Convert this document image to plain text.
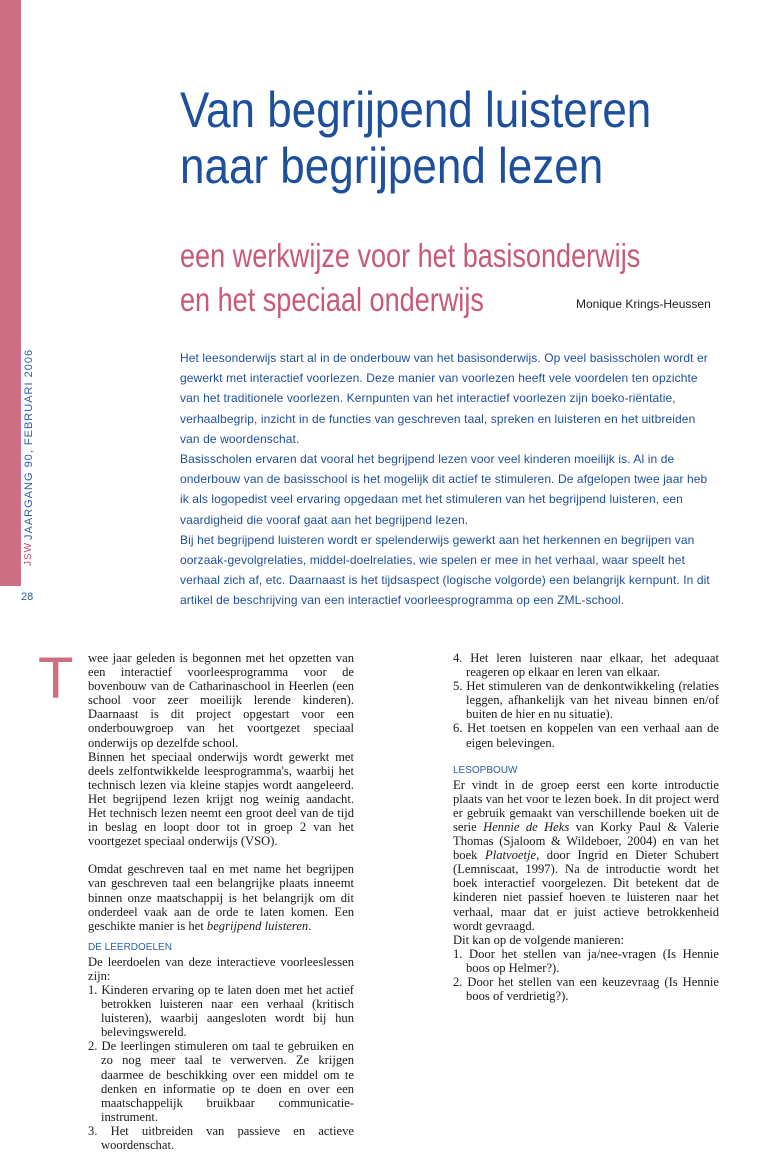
JSW
JAARGANG 90, FEBRUARI 2006
28
Van begrijpend luisteren
naar begrijpend lezen
een werkwijze voor het basisonderwijs
en het speciaal onderwijs	Monique Krings-Heussen

Het leesonderwijs start al in de onderbouw van het basisonderwijs. Op veel basisscholen wordt er gewerkt met interactief voorlezen. Deze manier van voorlezen heeft vele voordelen ten opzichte van het traditionele voorlezen. Kernpunten van het interactief voorlezen zijn boeko-riëntatie, verhaalbegrip, inzicht in de functies van geschreven taal, spreken en luisteren en het uitbreiden van de woordenschat.

Basisscholen ervaren dat vooral het begrijpend lezen voor veel kinderen moeilijk is. Al in de onderbouw van de basisschool is het mogelijk dit actief te stimuleren. De afgelopen twee jaar heb ik als logopedist veel ervaring opgedaan met het stimuleren van het begrijpend luisteren, een vaardigheid die vooraf gaat aan het begrijpend lezen.

Bij het begrijpend luisteren wordt er spelenderwijs gewerkt aan het herkennen en begrijpen van oorzaak-gevolgrelaties, middel-doelrelaties, wie spelen er mee in het verhaal, waar speelt het verhaal zich af, etc. Daarnaast is het tijdsaspect (logische volgorde) een belangrijk kernpunt. In dit artikel de beschrijving van een interactief voorleesprogramma op een ZML-school.

T wee jaar geleden is begonnen met het opzetten van een interactief voorleesprogramma voor de bovenbouw van de Catharinaschool in Heerlen (een school voor zeer moeilijk lerende kinderen). Daarnaast is dit project opgestart voor een onderbouwgroep van het voortgezet speciaal onderwijs op dezelfde school.

Binnen het speciaal onderwijs wordt gewerkt met deels zelfontwikkelde leesprogramma's, waarbij het technisch lezen via kleine stapjes wordt aangeleerd. Het begrijpend lezen krijgt nog weinig aandacht. Het technisch lezen neemt een groot deel van de tijd in beslag en loopt door tot in groep 2 van het voortgezet speciaal onderwijs (VSO).

Omdat geschreven taal en met name het begrijpen van geschreven taal een belangrijke plaats inneemt binnen onze maatschappij is het belangrijk om dit onderdeel vaak aan de orde te laten komen. Een geschikte manier is het begrijpend luisteren.

DE LEERDOELEN

De leerdoelen van deze interactieve voorleeslessen zijn:

1. Kinderen ervaring op te laten doen met het actief betrokken luisteren naar een verhaal (kritisch luisteren), waarbij aangesloten wordt bij hun belevingswereld.
2. De leerlingen stimuleren om taal te gebruiken en zo nog meer taal te verwerven. Ze krijgen daarmee de beschikking over een middel om te denken en informatie op te doen en over een maatschappelijk bruikbaar communicatie-instrument.
3. Het uitbreiden van passieve en actieve woordenschat.
4. Het leren luisteren naar elkaar, het adequaat reageren op elkaar en leren van elkaar.
5. Het stimuleren van de denkontwikkeling (relaties leggen, afhankelijk van het niveau binnen en/of buiten de hier en nu situatie).
6. Het toetsen en koppelen van een verhaal aan de eigen belevingen.
LESOPBOUW

Er vindt in de groep eerst een korte introductie plaats van het voor te lezen boek. In dit project werd er gebruik gemaakt van verschillende boeken uit de serie Hennie de Heks van Korky Paul & Valerie Thomas (Sjaloom & Wildeboer, 2004) en van het boek Platvoetje, door Ingrid en Dieter Schubert (Lemniscaat, 1997). Na de introductie wordt het boek interactief voorgelezen. Dit betekent dat de kinderen niet passief hoeven te luisteren naar het verhaal, maar dat er juist actieve betrokkenheid wordt gevraagd.

Dit kan op de volgende manieren:

1. Door het stellen van ja/nee-vragen (Is Hennie boos op Helmer?).
2. Door het stellen van een keuzevraag (Is Hennie boos of verdrietig?).
